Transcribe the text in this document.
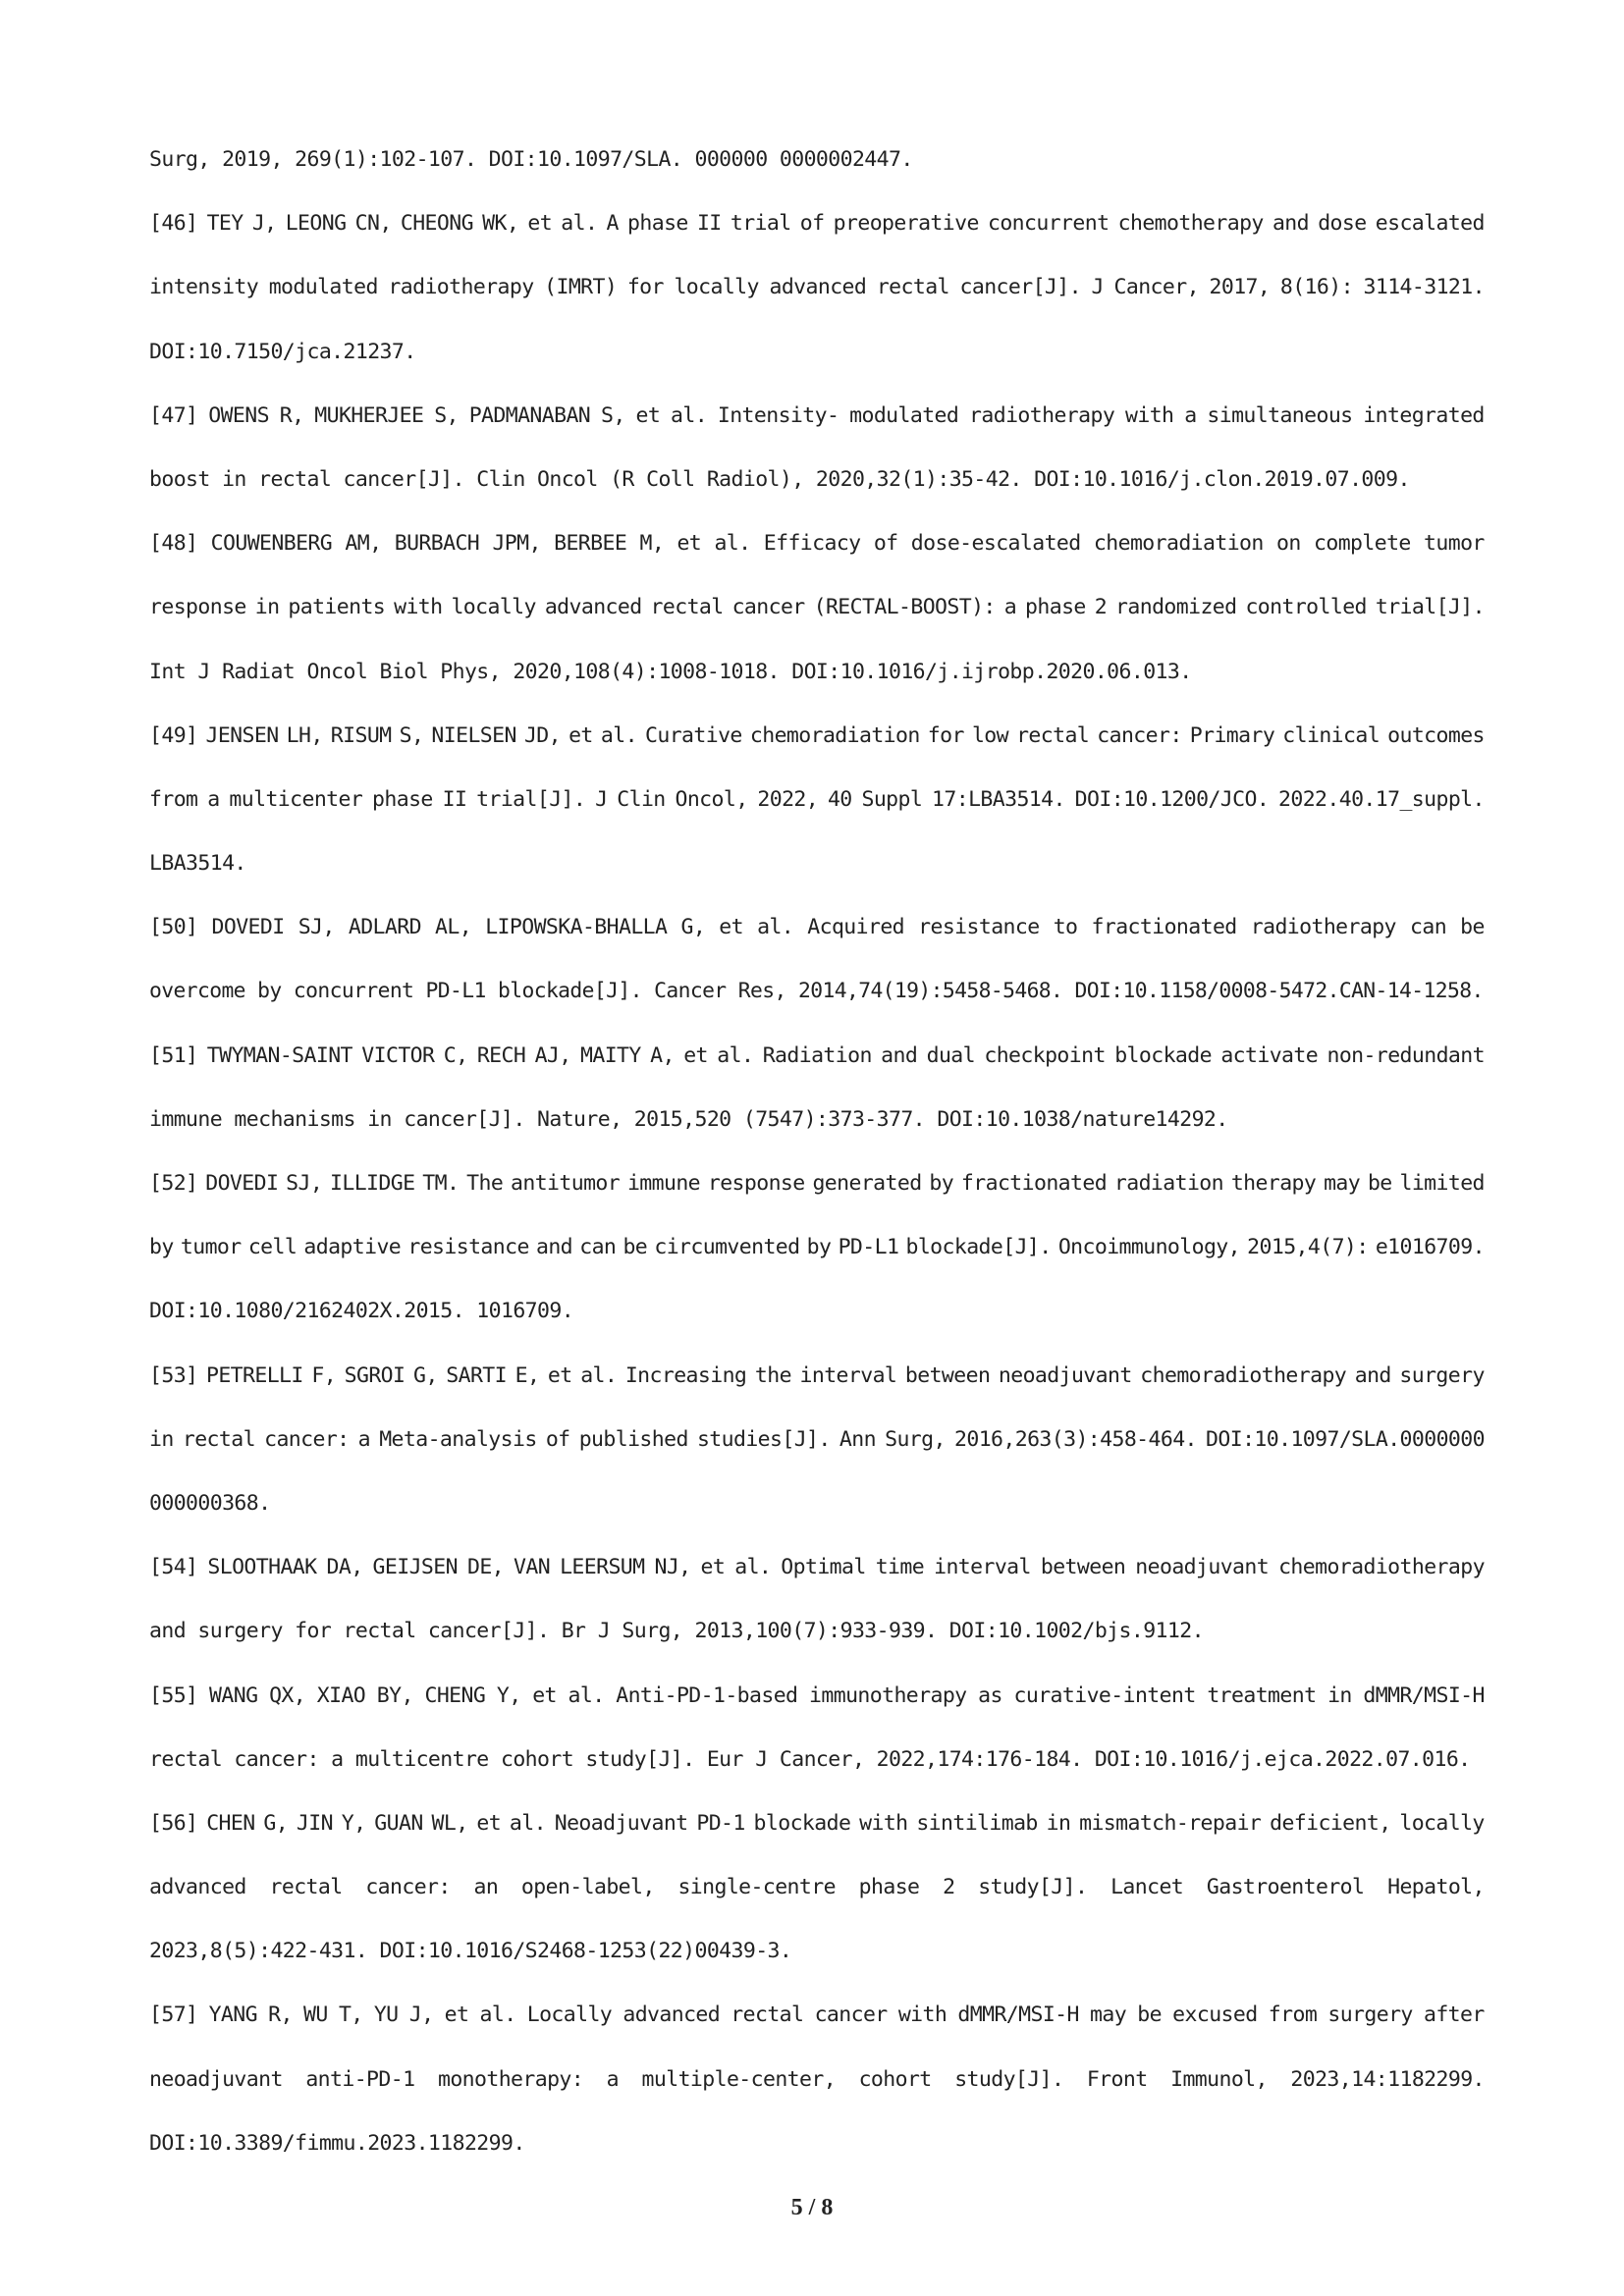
Surg, 2019, 269(1):102-107. DOI:10.1097/SLA. 000000 0000002447.
[46] TEY J, LEONG CN, CHEONG WK, et al. A phase II trial of preoperative concurrent chemotherapy and dose escalated
intensity modulated radiotherapy (IMRT) for locally advanced rectal cancer[J]. J Cancer, 2017, 8(16): 3114-3121.
DOI:10.7150/jca.21237.
[47] OWENS R, MUKHERJEE S, PADMANABAN S, et al. Intensity- modulated radiotherapy with a simultaneous integrated
boost in rectal cancer[J]. Clin Oncol (R Coll Radiol), 2020,32(1):35-42. DOI:10.1016/j.clon.2019.07.009.
[48] COUWENBERG AM, BURBACH JPM, BERBEE M, et al. Efficacy of dose-escalated chemoradiation on complete tumor
response in patients with locally advanced rectal cancer (RECTAL-BOOST): a phase 2 randomized controlled trial[J].
Int J Radiat Oncol Biol Phys, 2020,108(4):1008-1018. DOI:10.1016/j.ijrobp.2020.06.013.
[49] JENSEN LH, RISUM S, NIELSEN JD, et al. Curative chemoradiation for low rectal cancer: Primary clinical outcomes
from a multicenter phase II trial[J]. J Clin Oncol, 2022, 40 Suppl 17:LBA3514. DOI:10.1200/JCO. 2022.40.17_suppl.
LBA3514.
[50] DOVEDI SJ, ADLARD AL, LIPOWSKA-BHALLA G, et al. Acquired resistance to fractionated radiotherapy can be
overcome by concurrent PD-L1 blockade[J]. Cancer Res, 2014,74(19):5458-5468. DOI:10.1158/0008-5472.CAN-14-1258.
[51] TWYMAN-SAINT VICTOR C, RECH AJ, MAITY A, et al. Radiation and dual checkpoint blockade activate non-redundant
immune mechanisms in cancer[J]. Nature, 2015,520 (7547):373-377. DOI:10.1038/nature14292.
[52] DOVEDI SJ, ILLIDGE TM. The antitumor immune response generated by fractionated radiation therapy may be limited
by tumor cell adaptive resistance and can be circumvented by PD-L1 blockade[J]. Oncoimmunology, 2015,4(7): e1016709.
DOI:10.1080/2162402X.2015. 1016709.
[53] PETRELLI F, SGROI G, SARTI E, et al. Increasing the interval between neoadjuvant chemoradiotherapy and surgery
in rectal cancer: a Meta-analysis of published studies[J]. Ann Surg, 2016,263(3):458-464. DOI:10.1097/SLA.0000000
000000368.
[54] SLOOTHAAK DA, GEIJSEN DE, VAN LEERSUM NJ, et al. Optimal time interval between neoadjuvant chemoradiotherapy
and surgery for rectal cancer[J]. Br J Surg, 2013,100(7):933-939. DOI:10.1002/bjs.9112.
[55] WANG QX, XIAO BY, CHENG Y, et al. Anti-PD-1-based immunotherapy as curative-intent treatment in dMMR/MSI-H
rectal cancer: a multicentre cohort study[J]. Eur J Cancer, 2022,174:176-184. DOI:10.1016/j.ejca.2022.07.016.
[56] CHEN G, JIN Y, GUAN WL, et al. Neoadjuvant PD-1 blockade with sintilimab in mismatch-repair deficient, locally
advanced rectal cancer: an open-label, single-centre phase 2 study[J]. Lancet Gastroenterol Hepatol,
2023,8(5):422-431. DOI:10.1016/S2468-1253(22)00439-3.
[57] YANG R, WU T, YU J, et al. Locally advanced rectal cancer with dMMR/MSI-H may be excused from surgery after
neoadjuvant anti-PD-1 monotherapy: a multiple-center, cohort study[J]. Front Immunol, 2023,14:1182299.
DOI:10.3389/fimmu.2023.1182299.
5 / 8
